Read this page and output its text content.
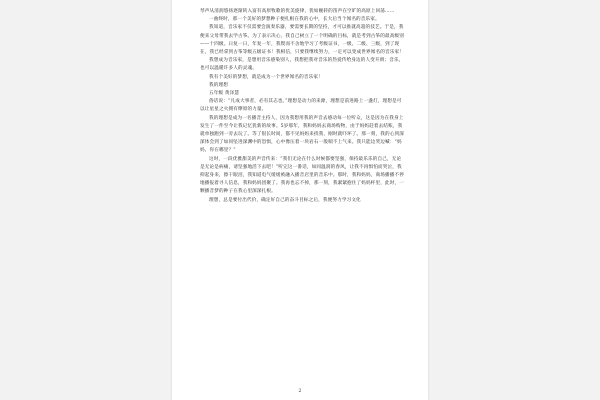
琴声从清润悠扬逐渐转入富有高原牧歌的优美旋律，犹如婉转的笛声在空旷的高原上回荡……

一曲终时，那一个美好的梦想种子便扎根在我的心中，长大后当个闻名的音乐家。

我知道，音乐家不仅需要会演奏乐器，要需要长期的坚持，才可以推就高超的技艺。于是，我便来父母带我去学古筝。为了表示决心，我自己树立了一个明确的目标，就是考到古筝的最高级别——十四级。日复一日，年复一年，我锲而不舍地学习了考级证书，一级、二级、三级，到了现在，我已经拿到古筝等级五级证书！我相信，只要我继续努力，一定可以变成世界闻名的音乐家！

我想成为音乐家，是想用音乐感染别人，我想把我对音乐的热爱传给身边的人变开朗；音乐，也可以温暖许多人的灵魂。

我有个美好的梦想，就是成为一个世界闻名的音乐家！

我的理想

五年级 黄泽慧

俗话说：“凡成大事者，必有其志也。”理想是动力的来源，理想是前进路上一盏灯，理想是可以让星星之火拥有燎原的力量。

我的理想是成为一名播音主持人，因为我想用我的声音去感动每一位听众，这是因为在我身上发生了一件至今让我记忆犹新的故事。5岁那年，我和妈妈去商场购物，由于妈妈赶着去结账，我就单独跑到一旁去玩了。等了很长时间，都不见妈妈来找我，刚时就吓坏了。那一刻，我的心到深深体会到了如同坠进深渊中的恐惧，心中像压着一块岩石一般喘不上气来。我只能边哭边喊：“妈妈，你在哪里？”

这时，一段优雅甜美的声音传来：“我们无论在什么时候都要坚强，保持最乐乐的自己，无论是无论是病痛，请坚强地活下去吧！”听完这一番话，如同温润的春风，让我不再惧怕而哭泣，我抑起身来，擦干眼泪，我知道电气缓缓被融入播音店里的音乐中。那时，我和妈妈，商场播播不停地播报着寻人信息，我和妈妈团聚了。我再也忘不掉，那一刻，我紧紧抱住了妈妈杯里，此时，一颗播音梦的种子在我心里深深扎根。

理想，总是要付出代价，确定好自己的奋斗目标之后，我便努力学习文化

2
